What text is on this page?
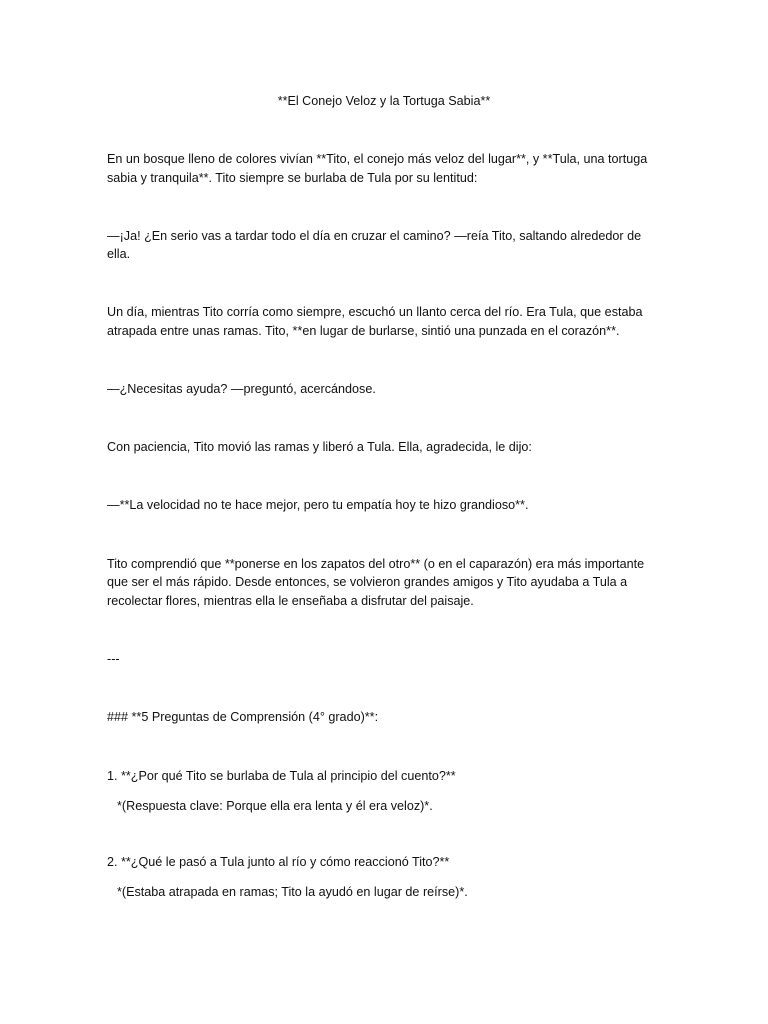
**El Conejo Veloz y la Tortuga Sabia**

En un bosque lleno de colores vivían **Tito, el conejo más veloz del lugar**, y **Tula, una tortuga

sabia y tranquila**. Tito siempre se burlaba de Tula por su lentitud:

—¡Ja! ¿En serio vas a tardar todo el día en cruzar el camino? —reía Tito, saltando alrededor de

ella.

Un día, mientras Tito corría como siempre, escuchó un llanto cerca del río. Era Tula, que estaba

atrapada entre unas ramas. Tito, **en lugar de burlarse, sintió una punzada en el corazón**.

—¿Necesitas ayuda? —preguntó, acercándose.

Con paciencia, Tito movió las ramas y liberó a Tula. Ella, agradecida, le dijo:

—**La velocidad no te hace mejor, pero tu empatía hoy te hizo grandioso**.

Tito comprendió que **ponerse en los zapatos del otro** (o en el caparazón) era más importante

que ser el más rápido. Desde entonces, se volvieron grandes amigos y Tito ayudaba a Tula a

recolectar flores, mientras ella le enseñaba a disfrutar del paisaje.

---

### **5 Preguntas de Comprensión (4° grado)**:

1. **¿Por qué Tito se burlaba de Tula al principio del cuento?**

*(Respuesta clave: Porque ella era lenta y él era veloz)*.

2. **¿Qué le pasó a Tula junto al río y cómo reaccionó Tito?**

*(Estaba atrapada en ramas; Tito la ayudó en lugar de reírse)*.
